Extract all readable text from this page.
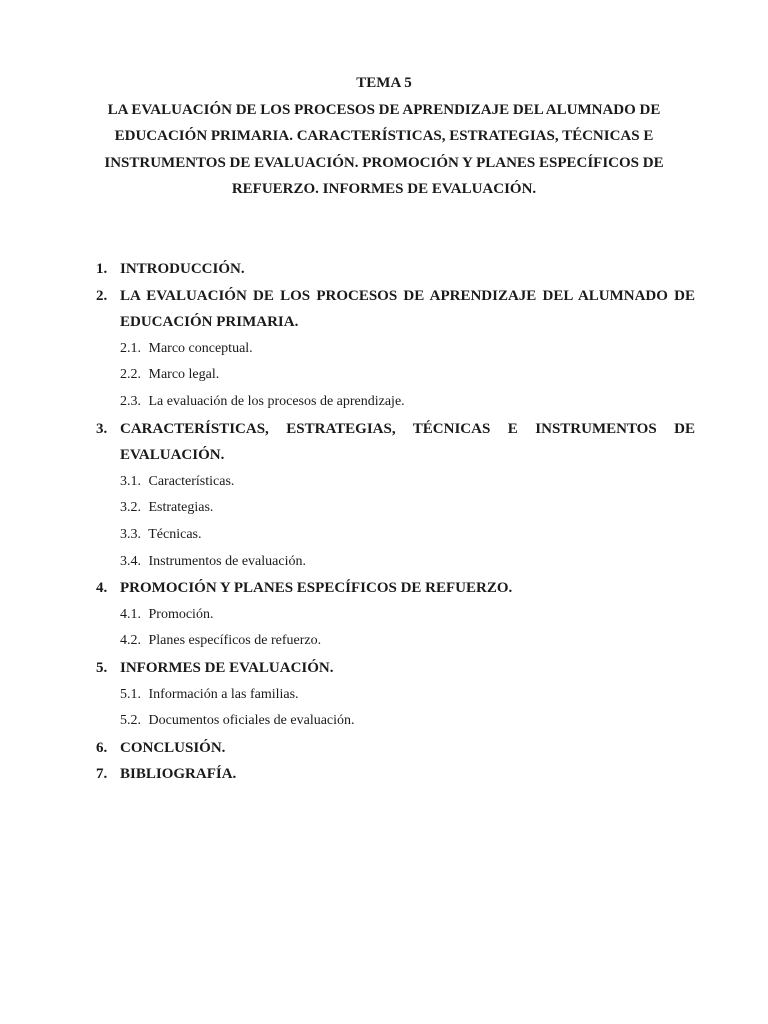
TEMA 5
LA EVALUACIÓN DE LOS PROCESOS DE APRENDIZAJE DEL ALUMNADO DE EDUCACIÓN PRIMARIA. CARACTERÍSTICAS, ESTRATEGIAS, TÉCNICAS E INSTRUMENTOS DE EVALUACIÓN. PROMOCIÓN Y PLANES ESPECÍFICOS DE REFUERZO. INFORMES DE EVALUACIÓN.
1. INTRODUCCIÓN.
2. LA EVALUACIÓN DE LOS PROCESOS DE APRENDIZAJE DEL ALUMNADO DE EDUCACIÓN PRIMARIA.
2.1. Marco conceptual.
2.2. Marco legal.
2.3. La evaluación de los procesos de aprendizaje.
3. CARACTERÍSTICAS, ESTRATEGIAS, TÉCNICAS E INSTRUMENTOS DE EVALUACIÓN.
3.1. Características.
3.2. Estrategias.
3.3. Técnicas.
3.4. Instrumentos de evaluación.
4. PROMOCIÓN Y PLANES ESPECÍFICOS DE REFUERZO.
4.1. Promoción.
4.2. Planes específicos de refuerzo.
5. INFORMES DE EVALUACIÓN.
5.1. Información a las familias.
5.2. Documentos oficiales de evaluación.
6. CONCLUSIÓN.
7. BIBLIOGRAFÍA.
